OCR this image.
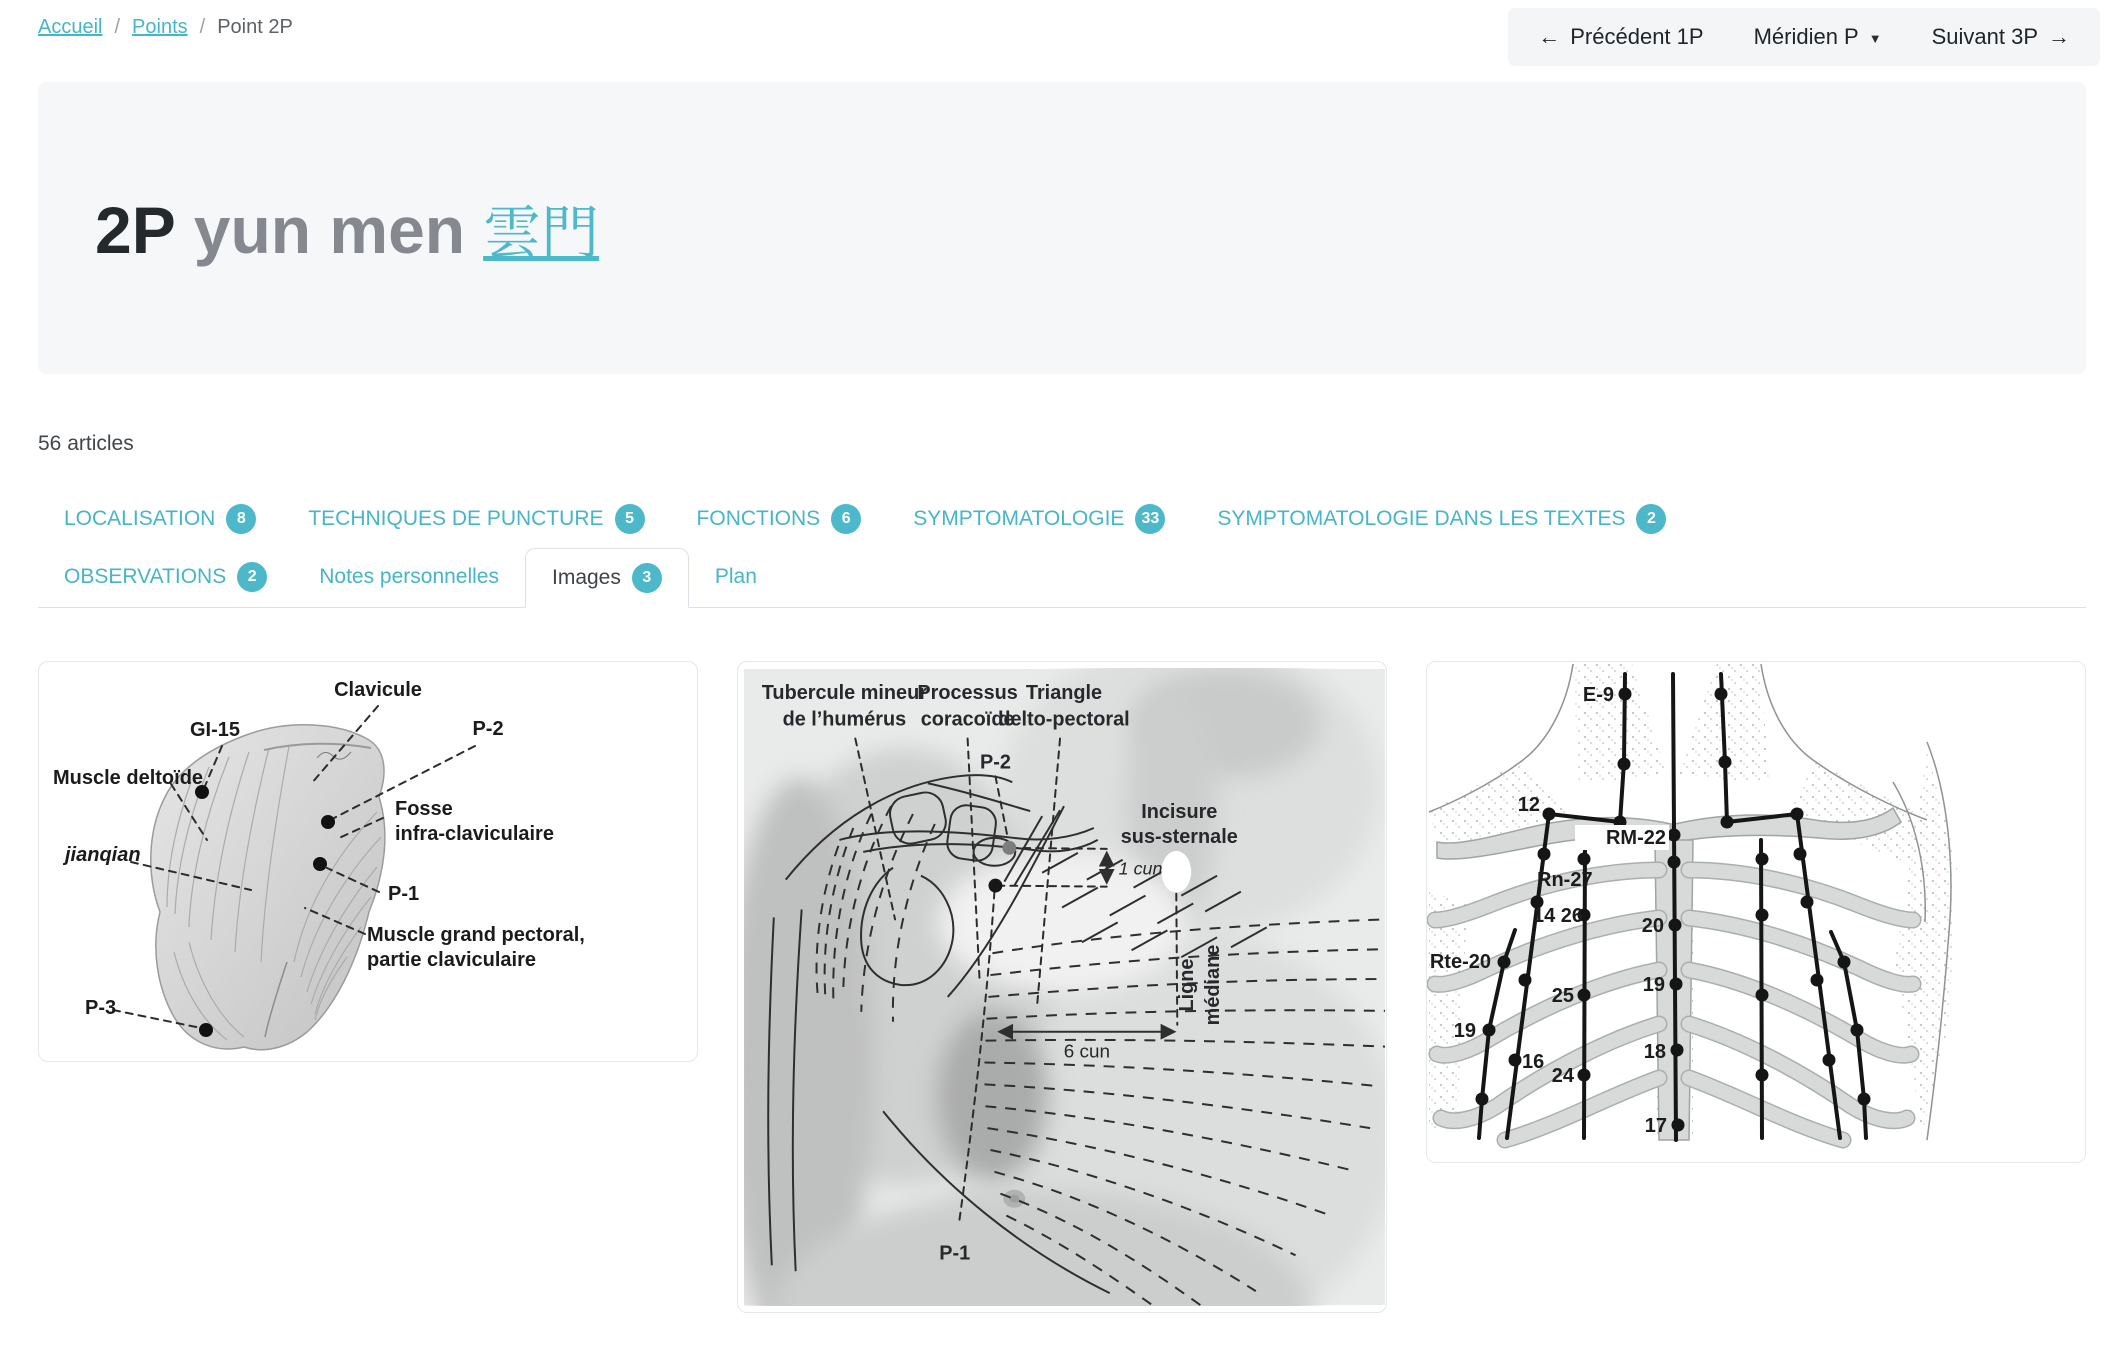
Accueil / Points / Point 2P	← Précédent 1P Méridien P ▼ Suivant 3P →
2P yun men 雲門
56 articles
LOCALISATION	8	TECHNIQUES DE PUNCTURE	5	FONCTIONS	6	SYMPTOMATOLOGIE	33	SYMPTOMATOLOGIE DANS LES TEXTES	2
OBSERVATIONS	2	Notes personnelles	Images	3	Plan
Clavicule
GI-15	P-2
Muscle deltoïde
Fosse
infra-claviculaire
jianqian
P-1
Muscle grand pectoral,
partie claviculaire
P-3
Tubercule mineur
de l’humérus
Processus
coracoïde
Triangle
delto-pectoral
P-2
Incisure
sus-sternale
1 cun
6 cun
Ligne médiane
P-1
E-9
12
RM-22
Rn-27
14 26	20
Rte-20
25	19
19
16
24
18
17
